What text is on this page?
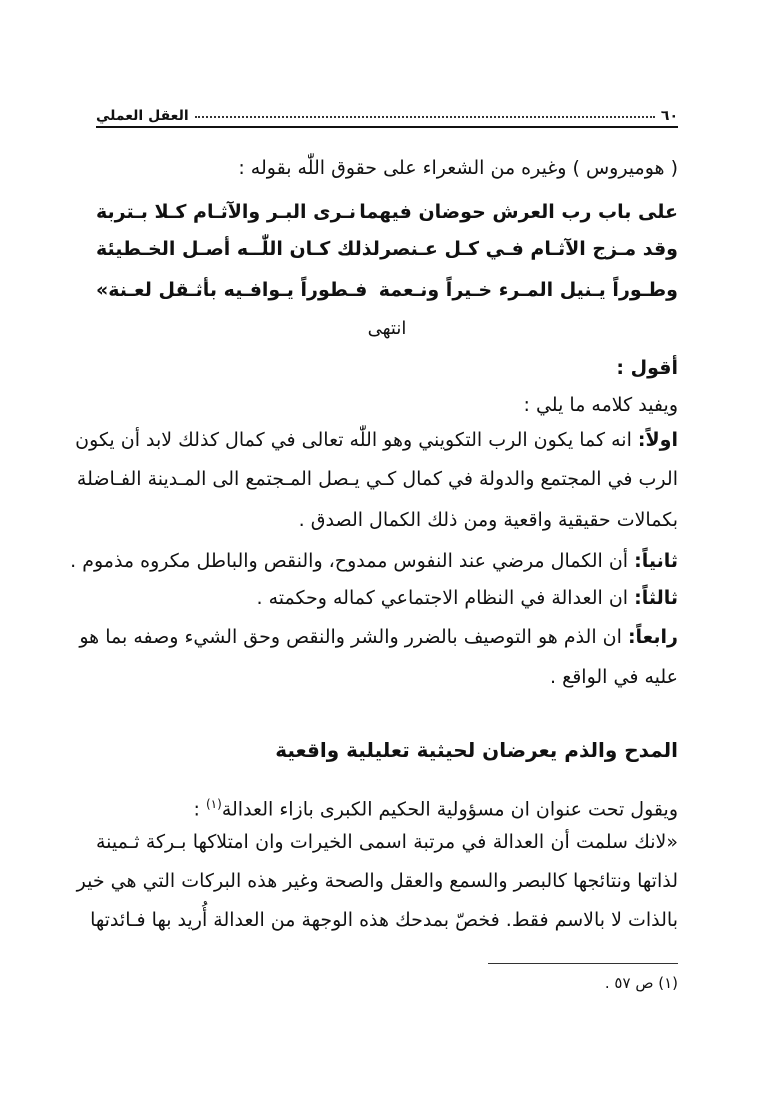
٦٠
العقل العملي
( هوميروس ) وغيره من الشعراء على حقوق اللّٰه بقوله :
على باب رب العرش حوضان فيهما
نـرى البـر والآثـام كـلا بـتربة
وقد مـزج الآثـام فـي كـل عـنصر
لذلك كـان اللّٰــه أصـل الخـطيئة
وطـوراً يـنيل المـرء خـيراً ونـعمة
فـطوراً يـوافـيه بأثـقل لعـنة»
انتهى
أقول :
ويفيد كلامه ما يلي :
اولاً: انه كما يكون الرب التكويني وهو اللّٰه تعالى في كمال كذلك لابد أن يكون
الرب في المجتمع والدولة في كمال كـي يـصل المـجتمع الى المـدينة الفـاضلة
بكمالات حقيقية واقعية ومن ذلك الكمال الصدق .
ثانياً: أن الكمال مرضي عند النفوس ممدوح، والنقص والباطل مكروه مذموم .
ثالثاً: ان العدالة في النظام الاجتماعي كماله وحكمته .
رابعاً: ان الذم هو التوصيف بالضرر والشر والنقص وحق الشيء وصفه بما هو
عليه في الواقع .
المدح والذم يعرضان لحيثية تعليلية واقعية
ويقول تحت عنوان ان مسؤولية الحكيم الكبرى بازاء العدالة$^{(١)}$ :
«لانك سلمت أن العدالة في مرتبة اسمى الخيرات وان امتلاكها بـركة ثـمينة
لذاتها ونتائجها كالبصر والسمع والعقل والصحة وغير هذه البركات التي هي خير
بالذات لا بالاسم فقط. فخصّ بمدحك هذه الوجهة من العدالة أُريد بها فـائدتها
(١) ص ٥٧ .
